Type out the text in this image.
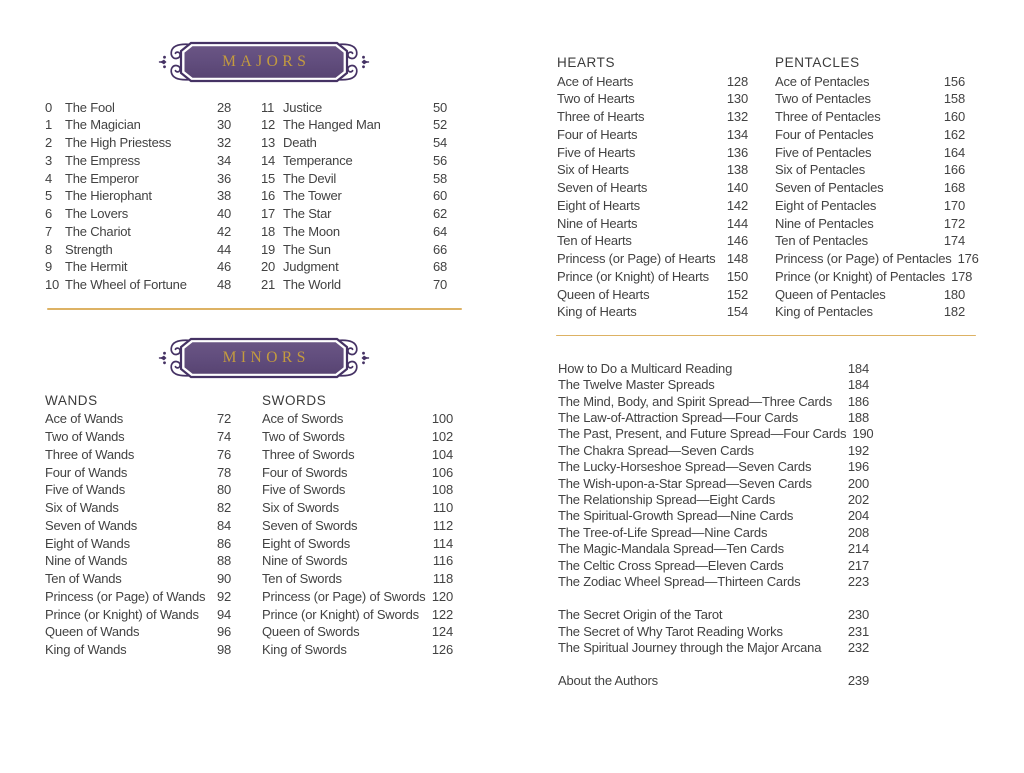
MAJORS
0 The Fool	28
1 The Magician	30
2 The High Priestess	32
3 The Empress	34
4 The Emperor	36
5 The Hierophant	38
6 The Lovers	40
7 The Chariot	42
8 Strength	44
9 The Hermit	46
10 The Wheel of Fortune	48
11 Justice	50
12 The Hanged Man	52
13 Death	54
14 Temperance	56
15 The Devil	58
16 The Tower	60
17 The Star	62
18 The Moon	64
19 The Sun	66
20 Judgment	68
21 The World	70
MINORS
WANDS
Ace of Wands	72
Two of Wands	74
Three of Wands	76
Four of Wands	78
Five of Wands	80
Six of Wands	82
Seven of Wands	84
Eight of Wands	86
Nine of Wands	88
Ten of Wands	90
Princess (or Page) of Wands 92
Prince (or Knight) of Wands	94
Queen of Wands	96
King of Wands	98
SWORDS
Ace of Swords	100
Two of Swords	102
Three of Swords	104
Four of Swords	106
Five of Swords	108
Six of Swords	110
Seven of Swords	112
Eight of Swords	114
Nine of Swords	116
Ten of Swords	118
Princess (or Page) of Swords 120
Prince (or Knight) of Swords 122
Queen of Swords	124
King of Swords	126
HEARTS
Ace of Hearts	128
Two of Hearts	130
Three of Hearts	132
Four of Hearts	134
Five of Hearts	136
Six of Hearts	138
Seven of Hearts	140
Eight of Hearts	142
Nine of Hearts	144
Ten of Hearts	146
Princess (or Page) of Hearts 148
Prince (or Knight) of Hearts	150
Queen of Hearts	152
King of Hearts	154
PENTACLES
Ace of Pentacles	156
Two of Pentacles	158
Three of Pentacles	160
Four of Pentacles	162
Five of Pentacles	164
Six of Pentacles	166
Seven of Pentacles	168
Eight of Pentacles	170
Nine of Pentacles	172
Ten of Pentacles	174
Princess (or Page) of Pentacles 176
Prince (or Knight) of Pentacles 178
Queen of Pentacles	180
King of Pentacles	182
How to Do a Multicard Reading	184
The Twelve Master Spreads	184
The Mind, Body, and Spirit Spread—Three Cards	186
The Law-of-Attraction Spread—Four Cards	188
The Past, Present, and Future Spread—Four Cards 190
The Chakra Spread—Seven Cards	192
The Lucky-Horseshoe Spread—Seven Cards	196
The Wish-upon-a-Star Spread—Seven Cards	200
The Relationship Spread—Eight Cards	202
The Spiritual-Growth Spread—Nine Cards	204
The Tree-of-Life Spread—Nine Cards	208
The Magic-Mandala Spread—Ten Cards	214
The Celtic Cross Spread—Eleven Cards	217
The Zodiac Wheel Spread—Thirteen Cards	223
The Secret Origin of the Tarot	230
The Secret of Why Tarot Reading Works	231
The Spiritual Journey through the Major Arcana	232
About the Authors	239
